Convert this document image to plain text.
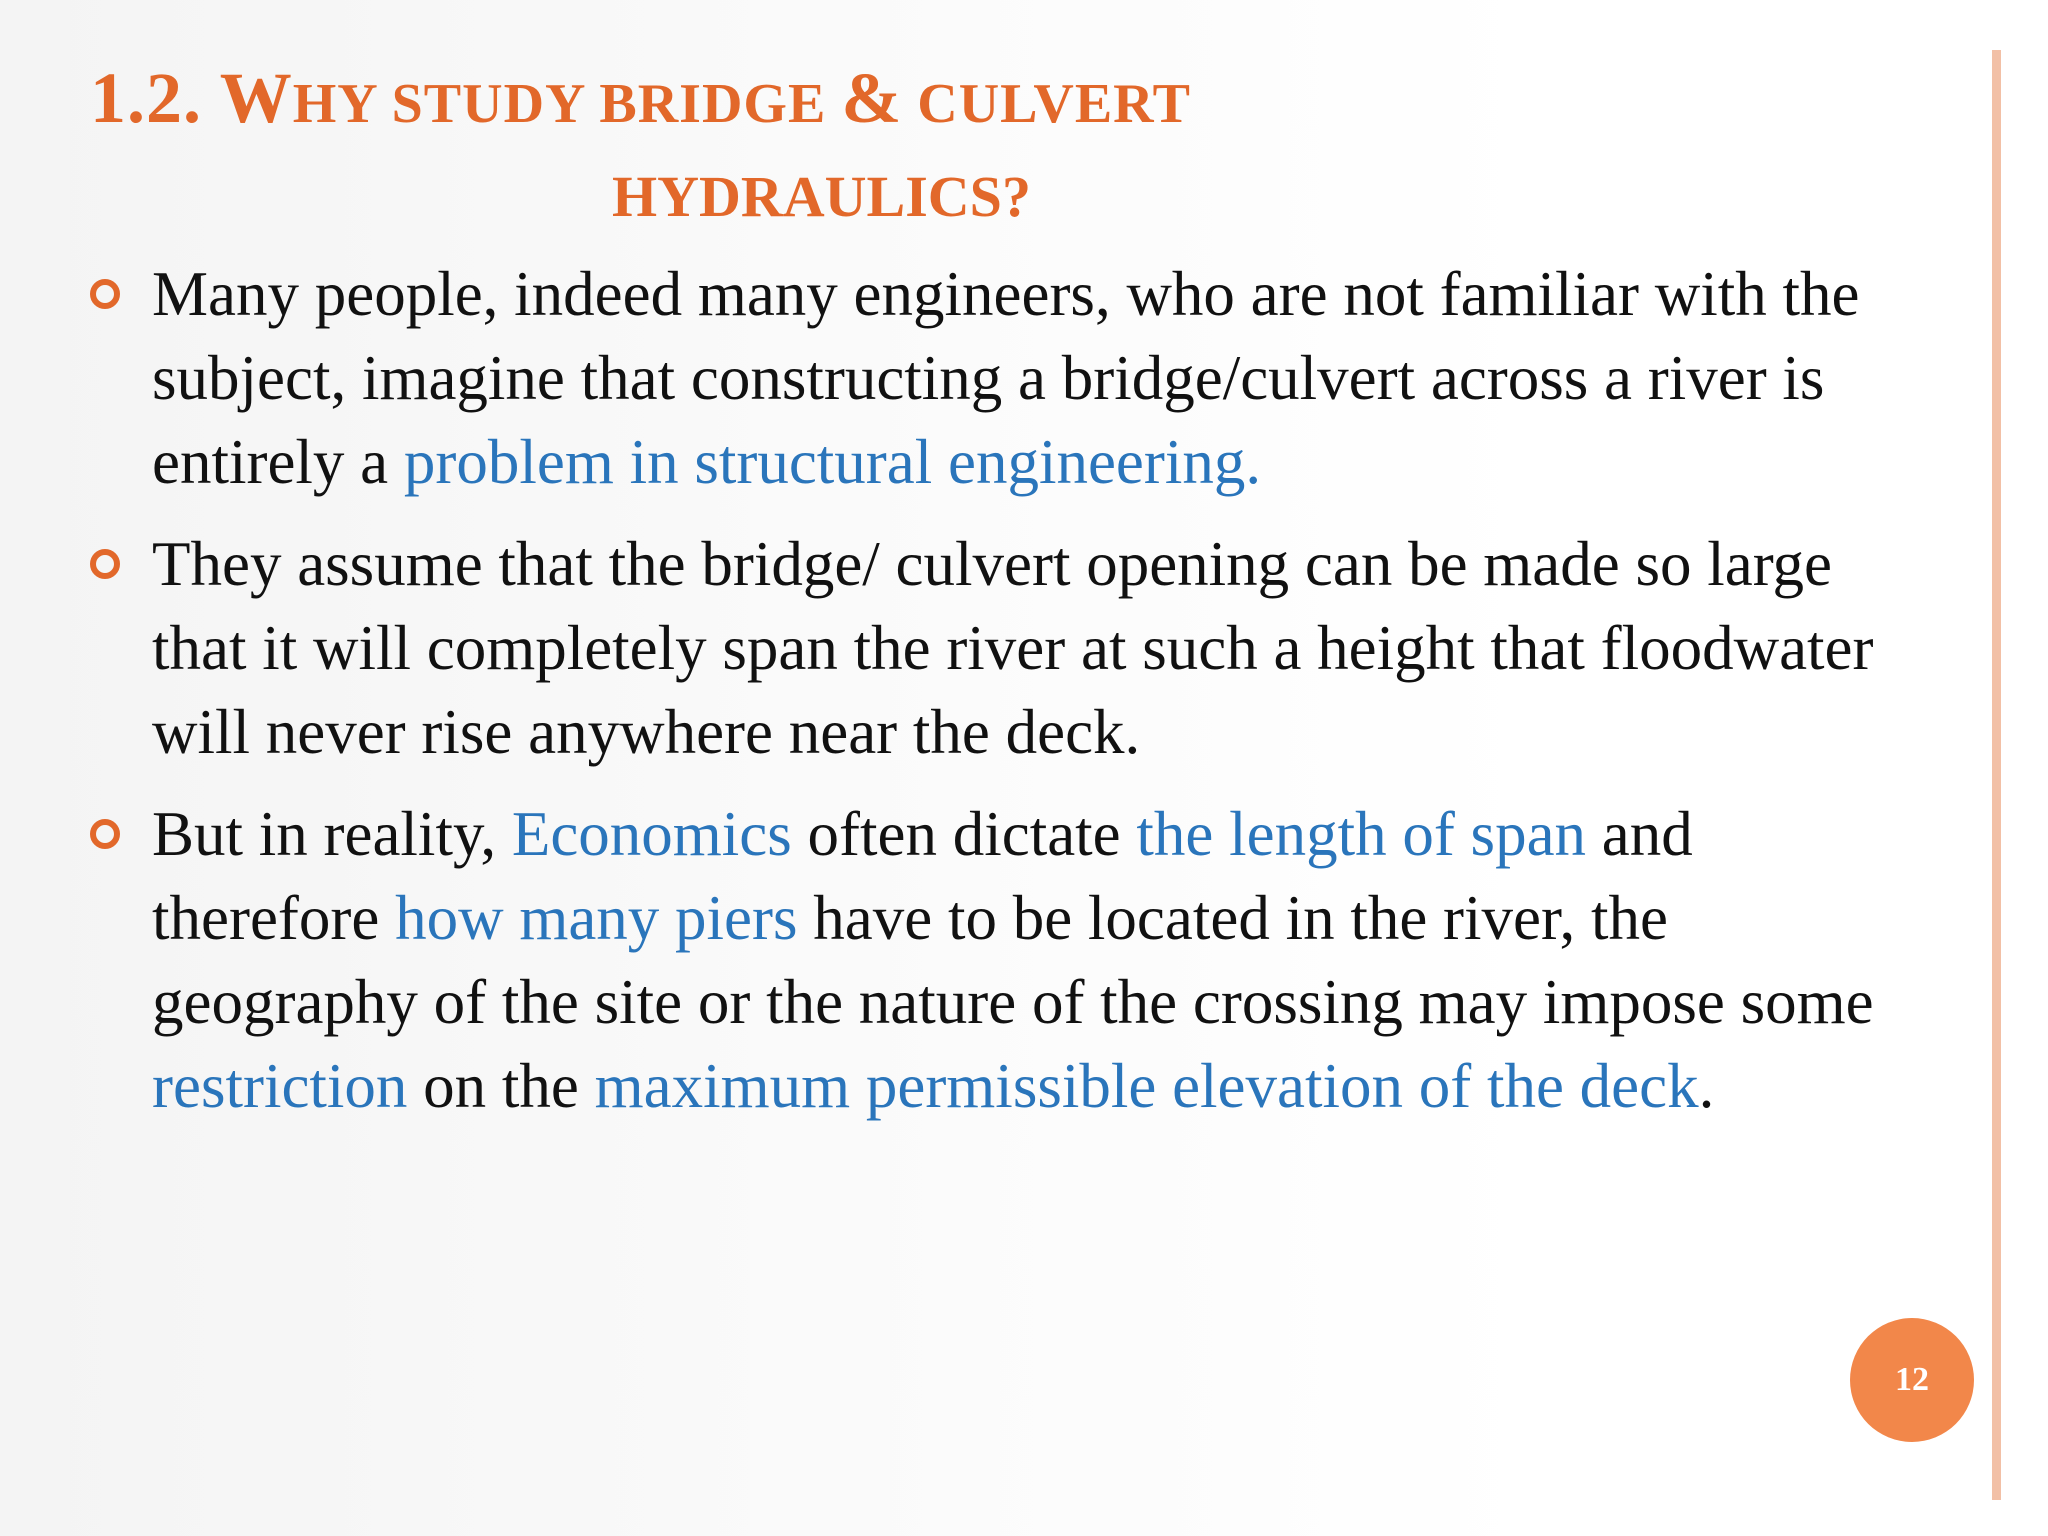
1.2. WHY STUDY BRIDGE & CULVERT
HYDRAULICS?
Many people, indeed many engineers, who are not familiar with the subject, imagine that constructing a bridge/culvert across a river is entirely a problem in structural engineering.
They assume that the bridge/ culvert opening can be made so large that it will completely span the river at such a height that floodwater will never rise anywhere near the deck.
But in reality, Economics often dictate the length of span and therefore how many piers have to be located in the river, the geography of the site or the nature of the crossing may impose some restriction on the maximum permissible elevation of the deck.
12
